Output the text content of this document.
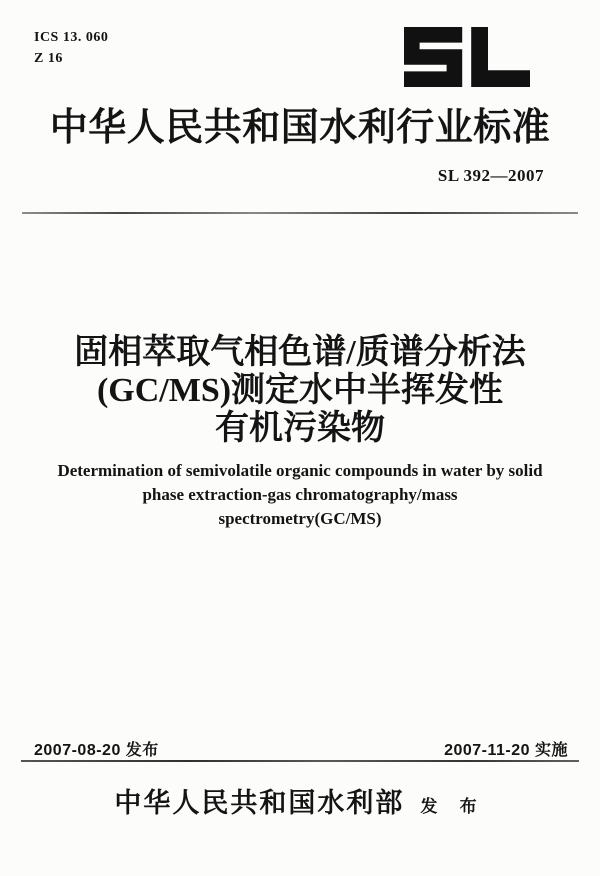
ICS 13. 060
Z 16
中华人民共和国水利行业标准
SL 392—2007
固相萃取气相色谱/质谱分析法
(GC/MS)测定水中半挥发性
有机污染物
Determination of semivolatile organic compounds in water by solid
phase extraction-gas chromatography/mass
spectrometry(GC/MS)
2007-08-20 发布	2007-11-20 实施
中华人民共和国水利部 发 布
